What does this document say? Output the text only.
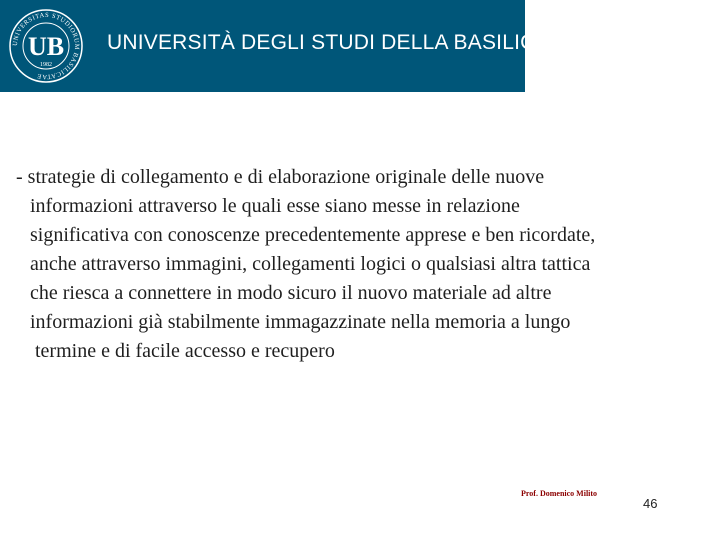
UNIVERSITAS STUDIORUM BASILICATAE
UB
1982
UNIVERSITÀ DEGLI STUDI DELLA BASILICATA
- strategie di collegamento e di elaborazione originale delle nuove
informazioni attraverso le quali esse siano messe in relazione
significativa con conoscenze precedentemente apprese e ben ricordate,
anche attraverso immagini, collegamenti logici o qualsiasi altra tattica
che riesca a connettere in modo sicuro il nuovo materiale ad altre
informazioni già stabilmente immagazzinate nella memoria a lungo
termine e di facile accesso e recupero
Prof. Domenico Milito
46
